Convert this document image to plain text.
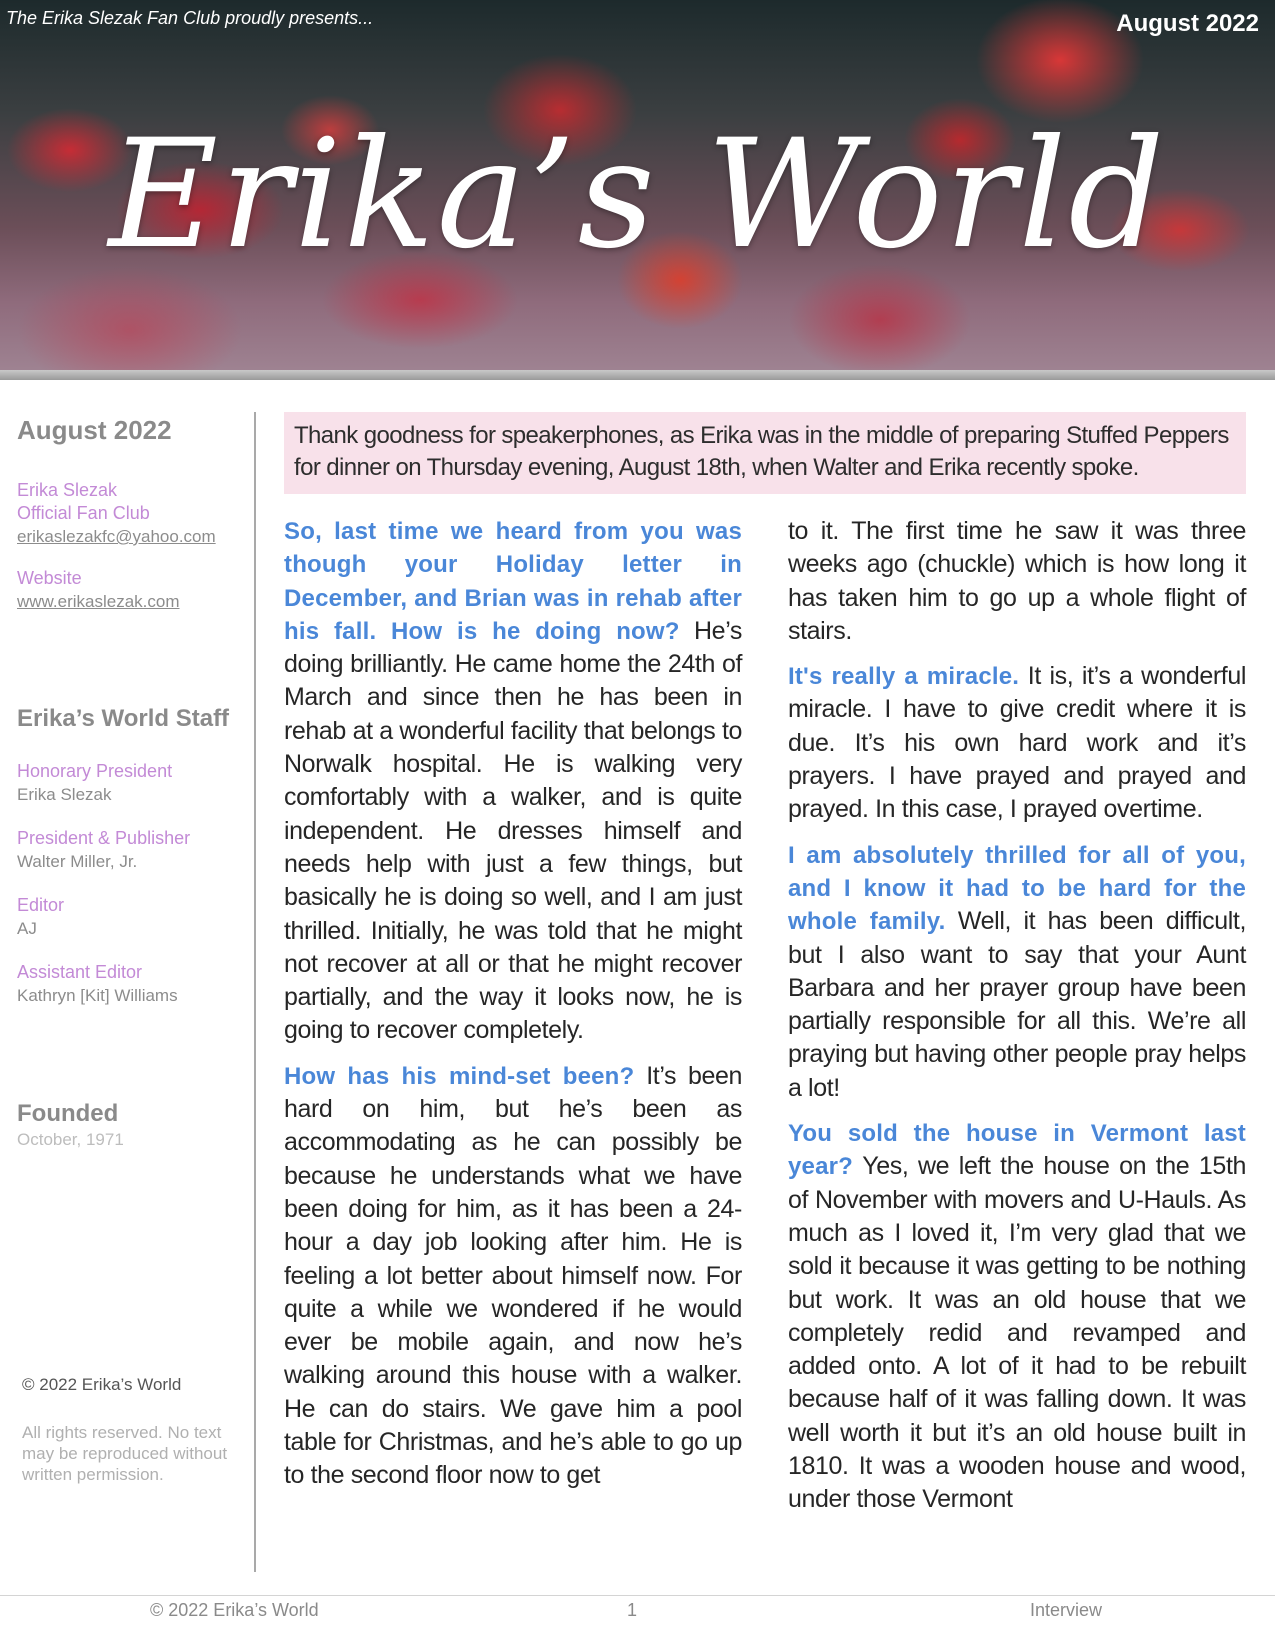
The Erika Slezak Fan Club proudly presents...	August 2022
Erika’s World
August 2022
Erika Slezak
Official Fan Club
erikaslezakfc@yahoo.com
Website
www.erikaslezak.com
Erika’s World Staff
Honorary President
Erika Slezak
President & Publisher
Walter Miller, Jr.
Editor
AJ
Assistant Editor
Kathryn [Kit] Williams
Founded
October, 1971
© 2022 Erika’s World
All rights reserved. No text may be reproduced without written permission.
Thank goodness for speakerphones, as Erika was in the middle of preparing Stuffed Peppers for dinner on Thursday evening, August 18th, when Walter and Erika recently spoke.

So, last time we heard from you was though your Holiday letter in December, and Brian was in rehab after his fall. How is he doing now? He’s doing brilliantly. He came home the 24th of March and since then he has been in rehab at a wonderful facility that belongs to Norwalk hospital. He is walking very comfortably with a walker, and is quite independent. He dresses himself and needs help with just a few things, but basically he is doing so well, and I am just thrilled. Initially, he was told that he might not recover at all or that he might recover partially, and the way it looks now, he is going to recover completely.

How has his mind-set been? It’s been hard on him, but he’s been as accommodating as he can possibly be because he understands what we have been doing for him, as it has been a 24-hour a day job looking after him. He is feeling a lot better about himself now. For quite a while we wondered if he would ever be mobile again, and now he’s walking around this house with a walker. He can do stairs. We gave him a pool table for Christmas, and he’s able to go up to the second floor now to get

to it. The first time he saw it was three weeks ago (chuckle) which is how long it has taken him to go up a whole flight of stairs.

It's really a miracle. It is, it’s a wonderful miracle. I have to give credit where it is due. It’s his own hard work and it’s prayers. I have prayed and prayed and prayed. In this case, I prayed overtime.

I am absolutely thrilled for all of you, and I know it had to be hard for the whole family. Well, it has been difficult, but I also want to say that your Aunt Barbara and her prayer group have been partially responsible for all this. We’re all praying but having other people pray helps a lot!

You sold the house in Vermont last year? Yes, we left the house on the 15th of November with movers and U-Hauls. As much as I loved it, I’m very glad that we sold it because it was getting to be nothing but work. It was an old house that we completely redid and revamped and added onto. A lot of it had to be rebuilt because half of it was falling down. It was well worth it but it’s an old house built in 1810. It was a wooden house and wood, under those Vermont

© 2022 Erika’s World	1	Interview
